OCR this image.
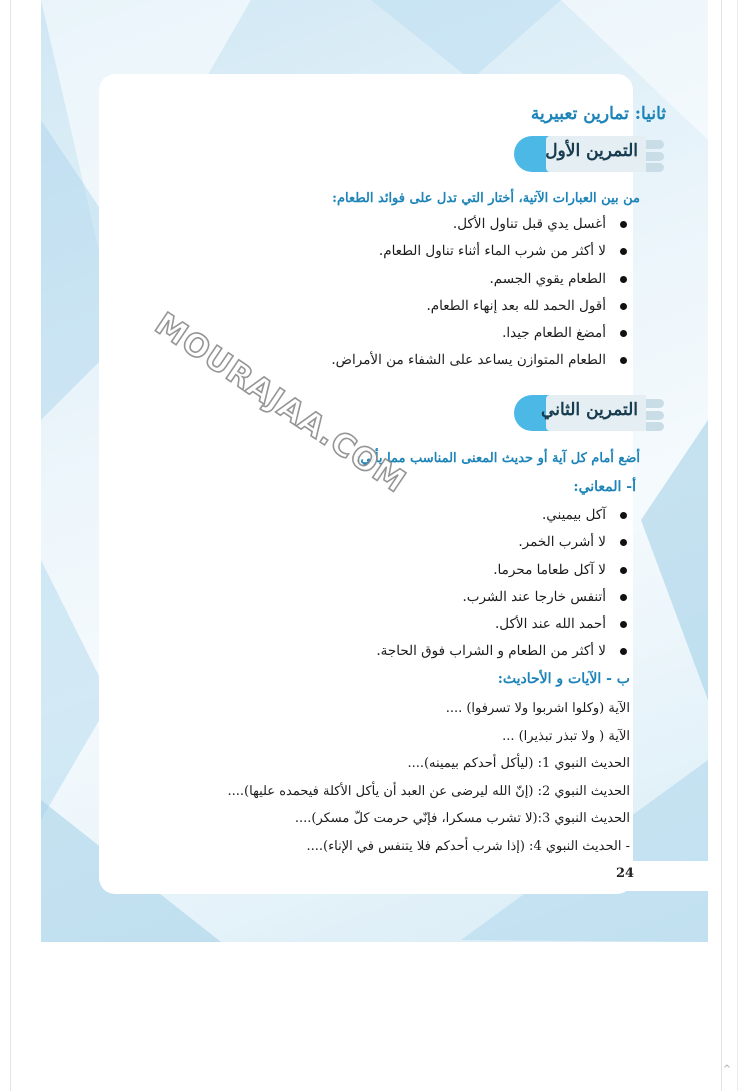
ثانيا: تمارين تعبيرية
التمرين الأول
من بين العبارات الآتية، أختار التي تدل على فوائد الطعام:
أغسل يدي قبل تناول الأكل.
لا أكثر من شرب الماء أثناء تناول الطعام.
الطعام يقوي الجسم.
أقول الحمد لله بعد إنهاء الطعام.
أمضغ الطعام جيدا.
الطعام المتوازن يساعد على الشفاء من الأمراض.
التمرين الثاني
أضع أمام كل آية أو حديث المعنى المناسب مما يأتي:
أ- المعاني:
آكل بيميني.
لا أشرب الخمر.
لا آكل طعاما محرما.
أتنفس خارجا عند الشرب.
أحمد الله عند الأكل.
لا أكثر من الطعام و الشراب فوق الحاجة.
ب - الآيات و الأحاديث:
الآية (وكلوا اشربوا ولا تسرفوا) ....
الآية ( ولا تبذر تبذيرا) ...
الحديث النبوي 1: (ليأكل أحدكم بيمينه)....
الحديث النبوي 2: (إنّ الله ليرضى عن العبد أن يأكل الأكلة فيحمده عليها)....
الحديث النبوي 3:(لا تشرب مسكرا، فإنّي حرمت كلّ مسكر)....
- الحديث النبوي 4: (إذا شرب أحدكم فلا يتنفس في الإناء)....
24
MOURAJAA.COM
⌃
